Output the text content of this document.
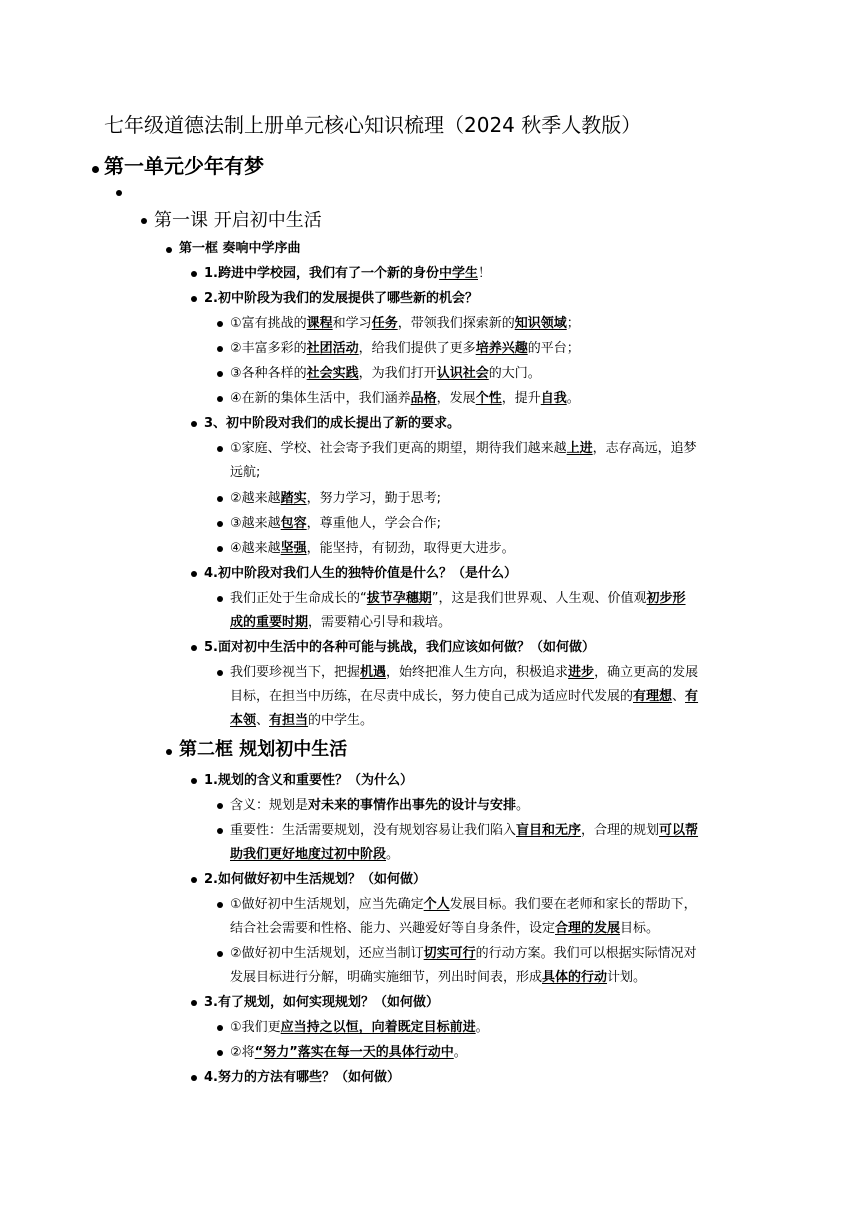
七年级道德法制上册单元核心知识梳理（2024 秋季人教版）
第一单元少年有梦
第一课 开启初中生活
第一框 奏响中学序曲
1.跨进中学校园，我们有了一个新的身份中学生！
2.初中阶段为我们的发展提供了哪些新的机会？
①富有挑战的课程和学习任务，带领我们探索新的知识领域；
②丰富多彩的社团活动，给我们提供了更多培养兴趣的平台；
③各种各样的社会实践，为我们打开认识社会的大门。
④在新的集体生活中，我们涵养品格，发展个性，提升自我。
3、初中阶段对我们的成长提出了新的要求。
①家庭、学校、社会寄予我们更高的期望，期待我们越来越上进，志存高远，追梦
远航;
②越来越踏实，努力学习，勤于思考;
③越来越包容，尊重他人，学会合作;
④越来越坚强，能坚持，有韧劲，取得更大进步。
4.初中阶段对我们人生的独特价值是什么？（是什么）
我们正处于生命成长的“拔节孕穗期”，这是我们世界观、人生观、价值观初步形
成的重要时期，需要精心引导和栽培。
5.面对初中生活中的各种可能与挑战，我们应该如何做？（如何做）
我们要珍视当下，把握机遇，始终把准人生方向，积极追求进步，确立更高的发展
目标，在担当中历练，在尽责中成长，努力使自己成为适应时代发展的有理想、有
本领、有担当的中学生。
第二框 规划初中生活
1.规划的含义和重要性？（为什么）
含义：规划是对未来的事情作出事先的设计与安排。
重要性：生活需要规划，没有规划容易让我们陷入盲目和无序，合理的规划可以帮
助我们更好地度过初中阶段。
2.如何做好初中生活规划？（如何做）
①做好初中生活规划，应当先确定个人发展目标。我们要在老师和家长的帮助下，
结合社会需要和性格、能力、兴趣爱好等自身条件，设定合理的发展目标。
②做好初中生活规划，还应当制订切实可行的行动方案。我们可以根据实际情况对
发展目标进行分解，明确实施细节，列出时间表，形成具体的行动计划。
3.有了规划，如何实现规划？（如何做）
①我们更应当持之以恒，向着既定目标前进。
②将“努力”落实在每一天的具体行动中。
4.努力的方法有哪些？（如何做）
